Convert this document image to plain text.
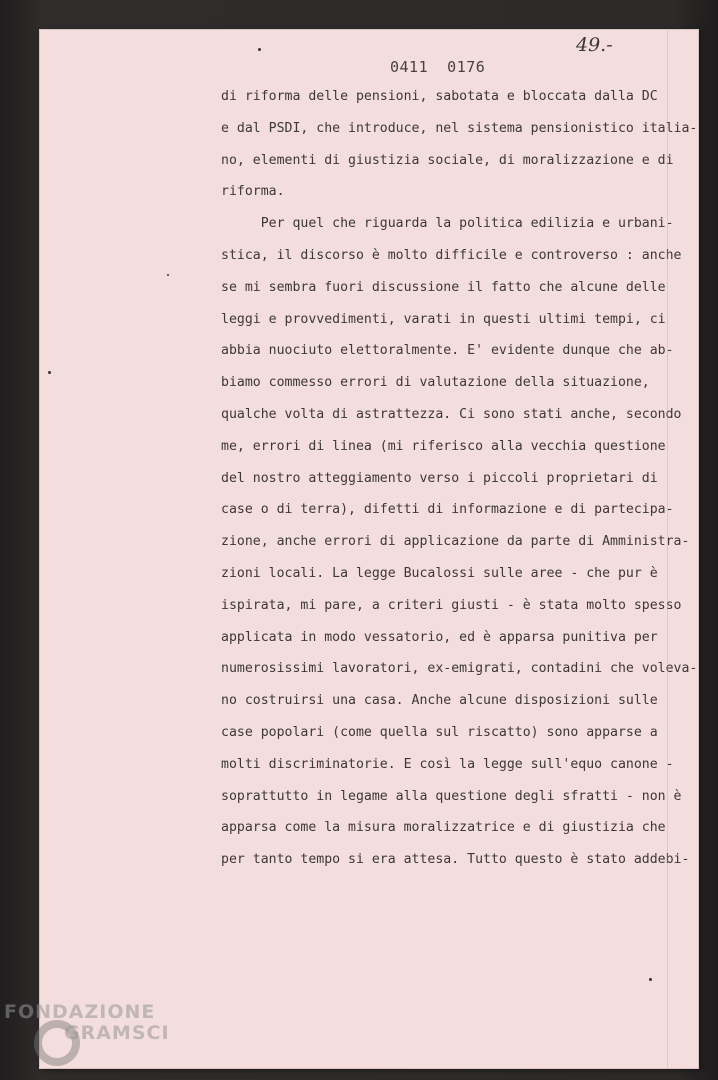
49.-
0411  0176
di riforma delle pensioni, sabotata e bloccata dalla DC
e dal PSDI, che introduce, nel sistema pensionistico italia-
no, elementi di giustizia sociale, di moralizzazione e di
riforma.
Per quel che riguarda la politica edilizia e urbani-
stica, il discorso è molto difficile e controverso : anche
se mi sembra fuori discussione il fatto che alcune delle
leggi e provvedimenti, varati in questi ultimi tempi, ci
abbia nuociuto elettoralmente. E' evidente dunque che ab-
biamo commesso errori di valutazione della situazione,
qualche volta di astrattezza. Ci sono stati anche, secondo
me, errori di linea (mi riferisco alla vecchia questione
del nostro atteggiamento verso i piccoli proprietari di
case o di terra), difetti di informazione e di partecipa-
zione, anche errori di applicazione da parte di Amministra-
zioni locali. La legge Bucalossi sulle aree - che pur è
ispirata, mi pare, a criteri giusti - è stata molto spesso
applicata in modo vessatorio, ed è apparsa punitiva per
numerosissimi lavoratori, ex-emigrati, contadini che voleva-
no costruirsi una casa. Anche alcune disposizioni sulle
case popolari (come quella sul riscatto) sono apparse a
molti discriminatorie. E così la legge sull'equo canone -
soprattutto in legame alla questione degli sfratti - non è
apparsa come la misura moralizzatrice e di giustizia che
per tanto tempo si era attesa. Tutto questo è stato addebi-
FONDAZIONE
GRAMSCI
